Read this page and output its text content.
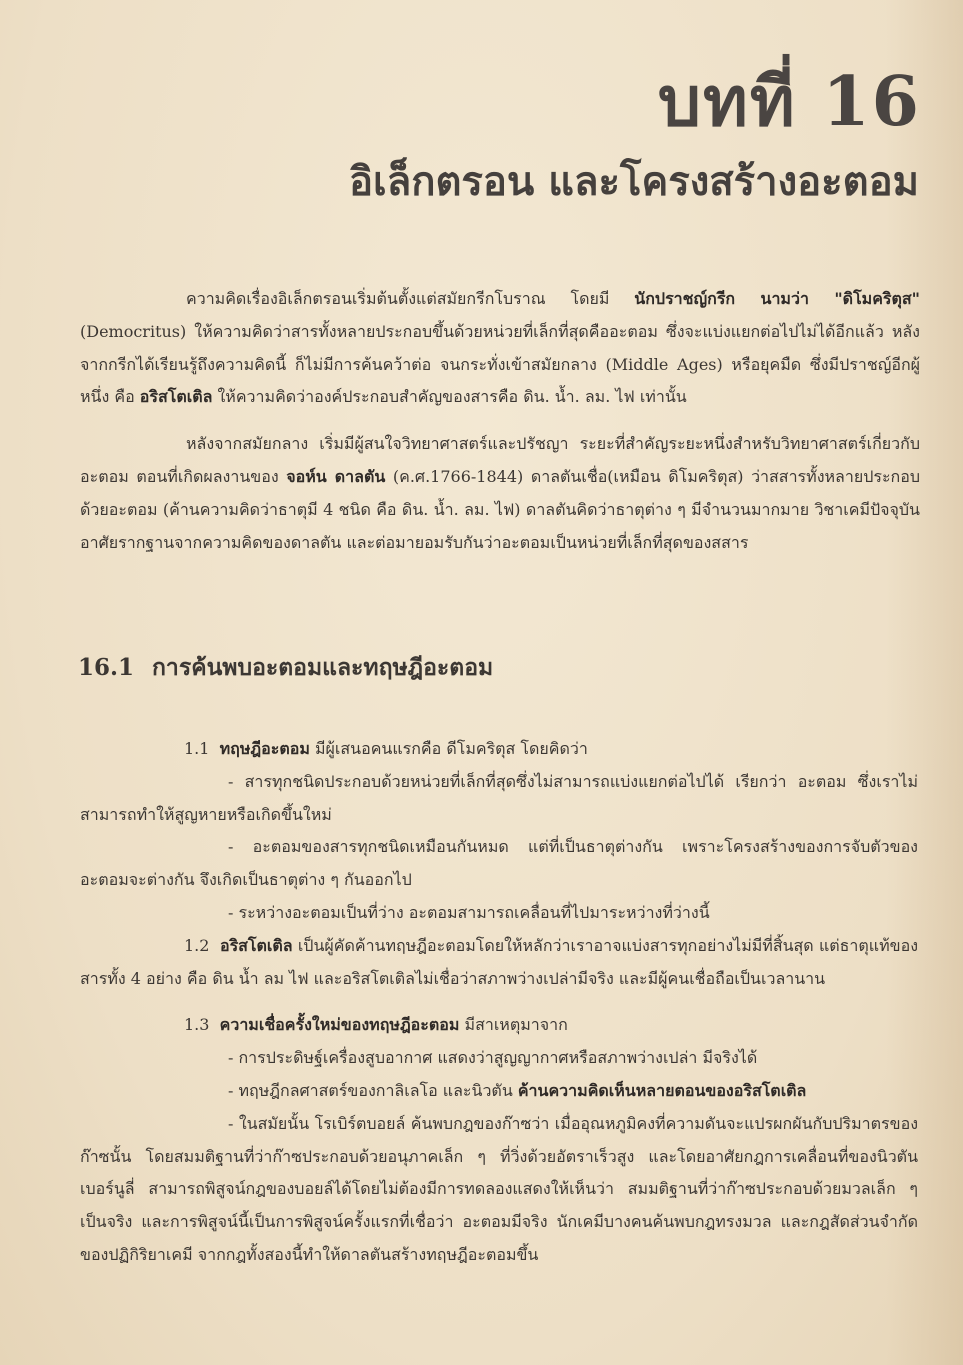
บทที่ 16
อิเล็กตรอน และโครงสร้างอะตอม

ความคิดเรื่องอิเล็กตรอนเริ่มต้นตั้งแต่สมัยกรีกโบราณ โดยมี นักปราชญ์กรีก นามว่า "ดิโมคริตุส" (Democritus) ให้ความคิดว่าสารทั้งหลายประกอบขึ้นด้วยหน่วยที่เล็กที่สุดคืออะตอม ซึ่งจะแบ่งแยกต่อไปไม่ได้อีกแล้ว หลังจากกรีกได้เรียนรู้ถึงความคิดนี้ ก็ไม่มีการค้นคว้าต่อ จนกระทั่งเข้าสมัยกลาง (Middle Ages) หรือยุคมืด ซึ่งมีปราชญ์อีกผู้หนึ่ง คือ อริสโตเติล ให้ความคิดว่าองค์ประกอบสำคัญของสารคือ ดิน. น้ำ. ลม. ไฟ เท่านั้น

หลังจากสมัยกลาง เริ่มมีผู้สนใจวิทยาศาสตร์และปรัชญา ระยะที่สำคัญระยะหนึ่งสำหรับวิทยาศาสตร์เกี่ยวกับอะตอม ตอนที่เกิดผลงานของ จอห์น ดาลตัน (ค.ศ.1766-1844) ดาลตันเชื่อ(เหมือน ดิโมคริตุส) ว่าสสารทั้งหลายประกอบด้วยอะตอม (ค้านความคิดว่าธาตุมี 4 ชนิด คือ ดิน. น้ำ. ลม. ไฟ) ดาลตันคิดว่าธาตุต่าง ๆ มีจำนวนมากมาย วิชาเคมีปัจจุบันอาศัยรากฐานจากความคิดของดาลตัน และต่อมายอมรับกันว่าอะตอมเป็นหน่วยที่เล็กที่สุดของสสาร

16.1 การค้นพบอะตอมและทฤษฎีอะตอม

1.1 ทฤษฎีอะตอม มีผู้เสนอคนแรกคือ ดีโมคริตุส โดยคิดว่า

- สารทุกชนิดประกอบด้วยหน่วยที่เล็กที่สุดซึ่งไม่สามารถแบ่งแยกต่อไปได้ เรียกว่า อะตอม ซึ่งเราไม่สามารถทำให้สูญหายหรือเกิดขึ้นใหม่

- อะตอมของสารทุกชนิดเหมือนกันหมด แต่ที่เป็นธาตุต่างกัน เพราะโครงสร้างของการจับตัวของอะตอมจะต่างกัน จึงเกิดเป็นธาตุต่าง ๆ กันออกไป

- ระหว่างอะตอมเป็นที่ว่าง อะตอมสามารถเคลื่อนที่ไปมาระหว่างที่ว่างนี้

1.2 อริสโตเติล เป็นผู้คัดค้านทฤษฎีอะตอมโดยให้หลักว่าเราอาจแบ่งสารทุกอย่างไม่มีที่สิ้นสุด แต่ธาตุแท้ของสารทั้ง 4 อย่าง คือ ดิน น้ำ ลม ไฟ และอริสโตเติลไม่เชื่อว่าสภาพว่างเปล่ามีจริง และมีผู้คนเชื่อถือเป็นเวลานาน

1.3 ความเชื่อครั้งใหม่ของทฤษฎีอะตอม มีสาเหตุมาจาก

- การประดิษฐ์เครื่องสูบอากาศ แสดงว่าสูญญากาศหรือสภาพว่างเปล่า มีจริงได้

- ทฤษฎีกลศาสตร์ของกาลิเลโอ และนิวตัน ค้านความคิดเห็นหลายตอนของอริสโตเติล

- ในสมัยนั้น โรเบิร์ตบอยล์ ค้นพบกฎของก๊าซว่า เมื่ออุณหภูมิคงที่ความดันจะแปรผกผันกับปริมาตรของก๊าซนั้น โดยสมมติฐานที่ว่าก๊าซประกอบด้วยอนุภาคเล็ก ๆ ที่วิ่งด้วยอัตราเร็วสูง และโดยอาศัยกฎการเคลื่อนที่ของนิวตัน เบอร์นูลี่ สามารถพิสูจน์กฎของบอยล์ได้โดยไม่ต้องมีการทดลองแสดงให้เห็นว่า สมมติฐานที่ว่าก๊าซประกอบด้วยมวลเล็ก ๆ เป็นจริง และการพิสูจน์นี้เป็นการพิสูจน์ครั้งแรกที่เชื่อว่า อะตอมมีจริง นักเคมีบางคนค้นพบกฎทรงมวล และกฎสัดส่วนจำกัดของปฏิกิริยาเคมี จากกฎทั้งสองนี้ทำให้ดาลตันสร้างทฤษฎีอะตอมขึ้น
